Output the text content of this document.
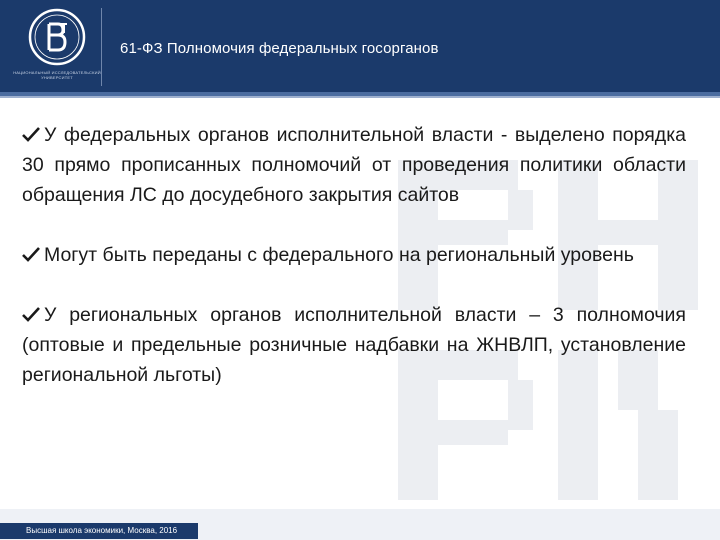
НАЦИОНАЛЬНЫЙ ИССЛЕДОВАТЕЛЬСКИЙ УНИВЕРСИТЕТ
61-ФЗ Полномочия федеральных госорганов

У федеральных органов исполнительной власти - выделено порядка 30 прямо прописанных полномочий от проведения политики области обращения ЛС до досудебного закрытия сайтов

Могут быть переданы с федерального на региональный уровень

У региональных органов исполнительной власти – 3 полномочия (оптовые и предельные розничные надбавки на ЖНВЛП, установление региональной льготы)

Высшая школа экономики, Москва, 2016
